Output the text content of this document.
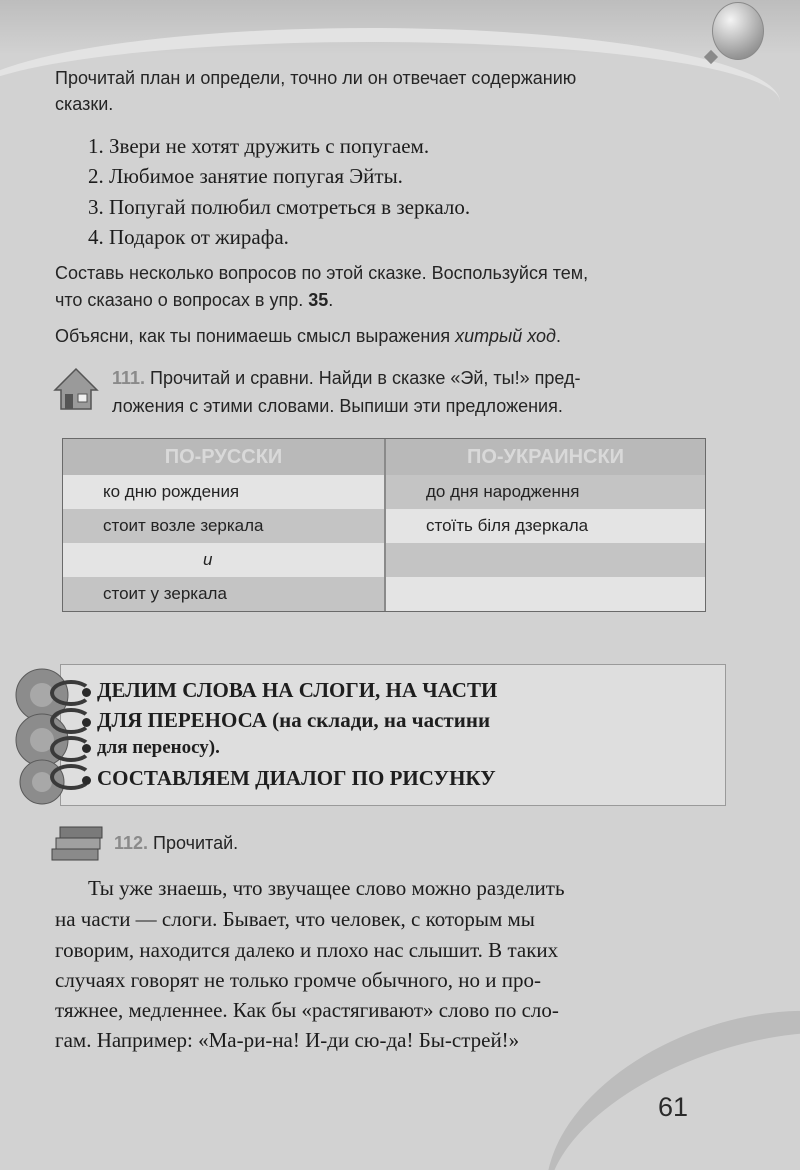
Прочитай план и определи, точно ли он отвечает содержанию
сказки.
1. Звери не хотят дружить с попугаем.
2. Любимое занятие попугая Эйты.
3. Попугай полюбил смотреться в зеркало.
4. Подарок от жирафа.
Составь несколько вопросов по этой сказке. Воспользуйся тем,
что сказано о вопросах в упр. 35.
Объясни, как ты понимаешь смысл выражения хитрый ход.
111. Прочитай и сравни. Найди в сказке «Эй, ты!» пред-
ложения с этими словами. Выпиши эти предложения.
ПО-РУССКИ	ПО-УКРАИНСКИ
ко дню рождения	до дня народження
стоит возле зеркала	стоїть біля дзеркала
и
стоит у зеркала
ДЕЛИМ СЛОВА НА СЛОГИ, НА ЧАСТИ
ДЛЯ ПЕРЕНОСА (на склади, на частини
для переносу).
СОСТАВЛЯЕМ ДИАЛОГ ПО РИСУНКУ
112. Прочитай.
Ты уже знаешь, что звучащее слово можно разделить
на части — слоги. Бывает, что человек, с которым мы
говорим, находится далеко и плохо нас слышит. В таких
случаях говорят не только громче обычного, но и про-
тяжнее, медленнее. Как бы «растягивают» слово по сло-
гам. Например: «Ма-ри-на! И-ди сю-да! Бы-стрей!»
61
